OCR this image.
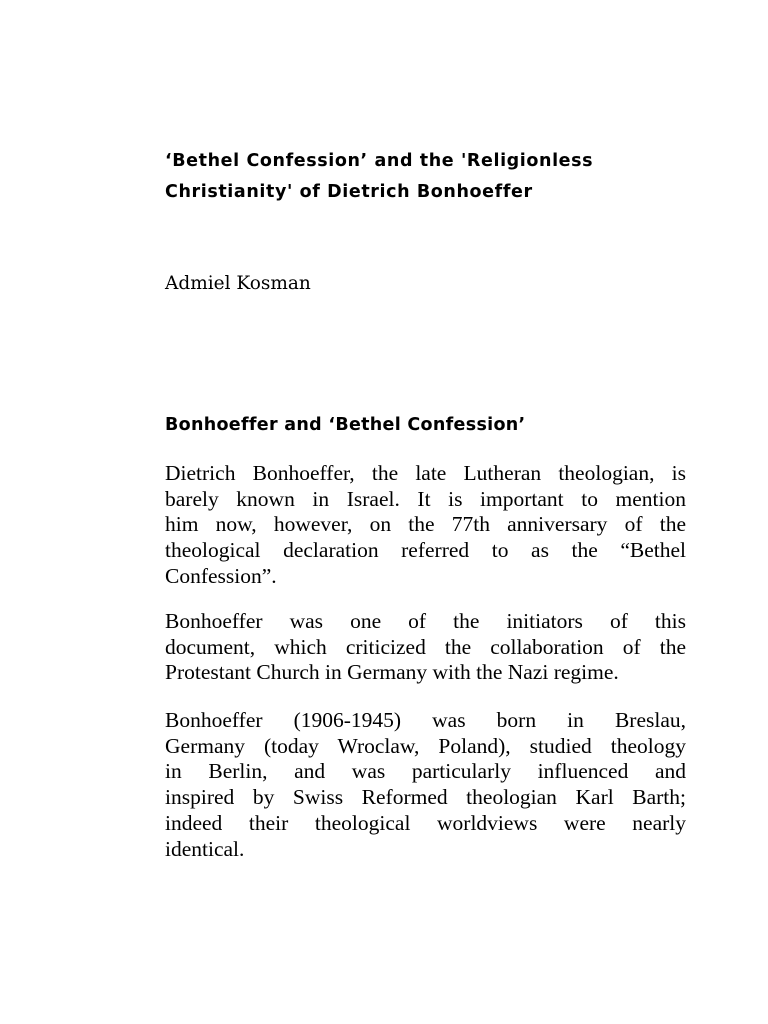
‘Bethel Confession’ and the 'Religionless
Christianity' of Dietrich Bonhoeffer

Admiel Kosman

Bonhoeffer and ‘Bethel Confession’
Dietrich Bonhoeffer, the late Lutheran theologian, is
barely known in Israel. It is important to mention
him now, however, on the 77th anniversary of the
theological declaration referred to as the “Bethel
Confession”.
Bonhoeffer was one of the initiators of this
document, which criticized the collaboration of the
Protestant Church in Germany with the Nazi regime.
Bonhoeffer (1906-1945) was born in Breslau,
Germany (today Wroclaw, Poland), studied theology
in Berlin, and was particularly influenced and
inspired by Swiss Reformed theologian Karl Barth;
indeed their theological worldviews were nearly
identical.
